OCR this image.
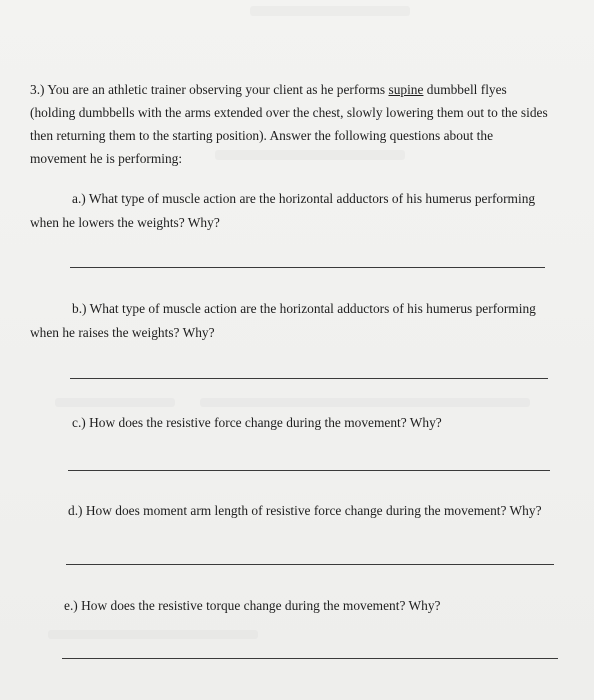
3.) You are an athletic trainer observing your client as he performs supine dumbbell flyes (holding dumbbells with the arms extended over the chest, slowly lowering them out to the sides then returning them to the starting position). Answer the following questions about the movement he is performing:

a.) What type of muscle action are the horizontal adductors of his humerus performing when he lowers the weights? Why?

b.) What type of muscle action are the horizontal adductors of his humerus performing when he raises the weights? Why?

c.) How does the resistive force change during the movement? Why?

d.) How does moment arm length of resistive force change during the movement? Why?

e.) How does the resistive torque change during the movement? Why?
